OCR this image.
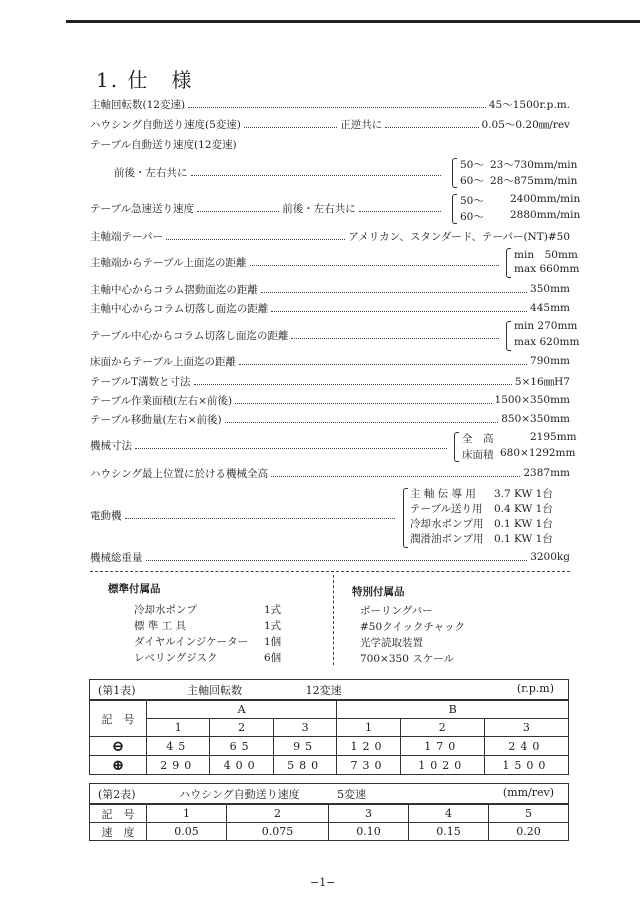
1. 仕　様
主軸回転数(12変速)	45～1500r.p.m.
ハウシング自動送り速度(5変速)	正逆共に	0.05～0.20㎜/rev
テーブル自動送り速度(12変速)
前後・左右共に
50～ 23～730mm/min
60～ 28～875mm/min
テーブル急速送り速度	前後・左右共に
50～ 2400mm/min
60～ 2880mm/min
主軸端テーパー	アメリカン、スタンダード、テーパー(NT)#50
主軸端からテーブル上面迄の距離
min　50mm
max 660mm
主軸中心からコラム摺動面迄の距離	350mm
主軸中心からコラム切落し面迄の距離	445mm
テーブル中心からコラム切落し面迄の距離
min 270mm
max 620mm
床面からテーブル上面迄の距離	790mm
テーブルT溝数と寸法	5×16㎜H7
テーブル作業面積(左右×前後)	1500×350mm
テーブル移動量(左右×前後)	850×350mm
機械寸法
全　高	2195mm
床面積 680×1292mm
ハウシング最上位置に於ける機械全高	2387mm
電動機
主 軸 伝 導 用 3.7 KW 1台
テーブル送り用 0.4 KW 1台
冷却水ポンプ用 0.1 KW 1台
潤滑油ポンプ用 0.1 KW 1台
機械総重量	3200kg
標準付属品
冷却水ポンプ	1式
標 準 工 具	1式
ダイヤルインジケーター 1個
レベリングジスク	6個
特別付属品
ボーリングバー
#50クイックチャック
光学読取装置
700×350 スケール
(第1表) 主軸回転数 12変速 (r.p.m)						

記　号	A			B		
	1	2	3	1	2	3
⊖	45	65	95	120	170	240
⊕	290	400	580	730	1020	1500
(第2表) ハウシング自動送り速度 5変速 (mm/rev)					

記　号	1	2	3	4	5
速　度	0.05	0.075	0.10	0.15	0.20
−1−
